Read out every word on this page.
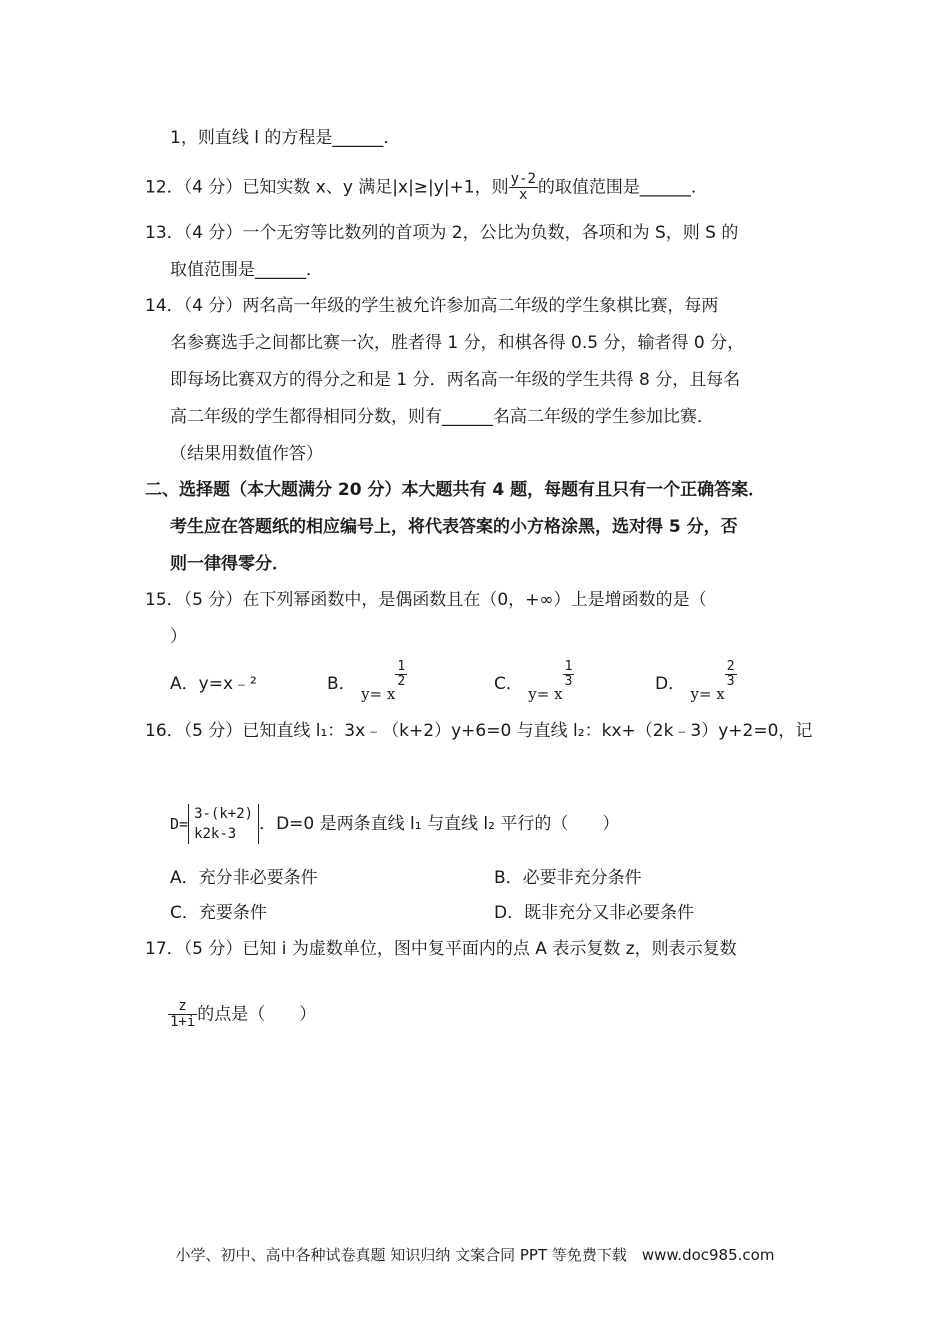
1，则直线 l 的方程是______．
12．（4 分）已知实数 x、y 满足|x|≥|y|+1，则 $\frac{y-2}{x}$ 的取值范围是______．
13．（4 分）一个无穷等比数列的首项为 2，公比为负数，各项和为 S，则 S 的
取值范围是______．
14．（4 分）两名高一年级的学生被允许参加高二年级的学生象棋比赛，每两
名参赛选手之间都比赛一次，胜者得 1 分，和棋各得 0.5 分，输者得 0 分，
即每场比赛双方的得分之和是 1 分．两名高一年级的学生共得 8 分，且每名
高二年级的学生都得相同分数，则有______名高二年级的学生参加比赛．
（结果用数值作答）
二、选择题（本大题满分 20 分）本大题共有 4 题，每题有且只有一个正确答案．
考生应在答题纸的相应编号上，将代表答案的小方格涂黑，选对得 5 分，否
则一律得零分．
15．（5 分）在下列幂函数中，是偶函数且在（0，+∞）上是增函数的是（
）
A．y=x﹣²	B． y= x
$\frac{1}{2}$	C． y= x
$\frac{1}{3}$	D． y= x
$\frac{2}{3}$
16．（5 分）已知直线 l₁：3x﹣（k+2）y+6=0 与直线 l₂：kx+（2k﹣3）y+2=0，记
D=
3-(k+2)
k2k-3	．D=0 是两条直线 l₁ 与直线 l₂ 平行的（　　）
A．充分非必要条件	B．必要非充分条件
C．充要条件	D．既非充分又非必要条件
17．（5 分）已知 i 为虚数单位，图中复平面内的点 A 表示复数 z，则表示复数
$\frac{z}{1+i}$ 的点是（　　）
小学、初中、高中各种试卷真题 知识归纳 文案合同 PPT 等免费下载　www.doc985.com
